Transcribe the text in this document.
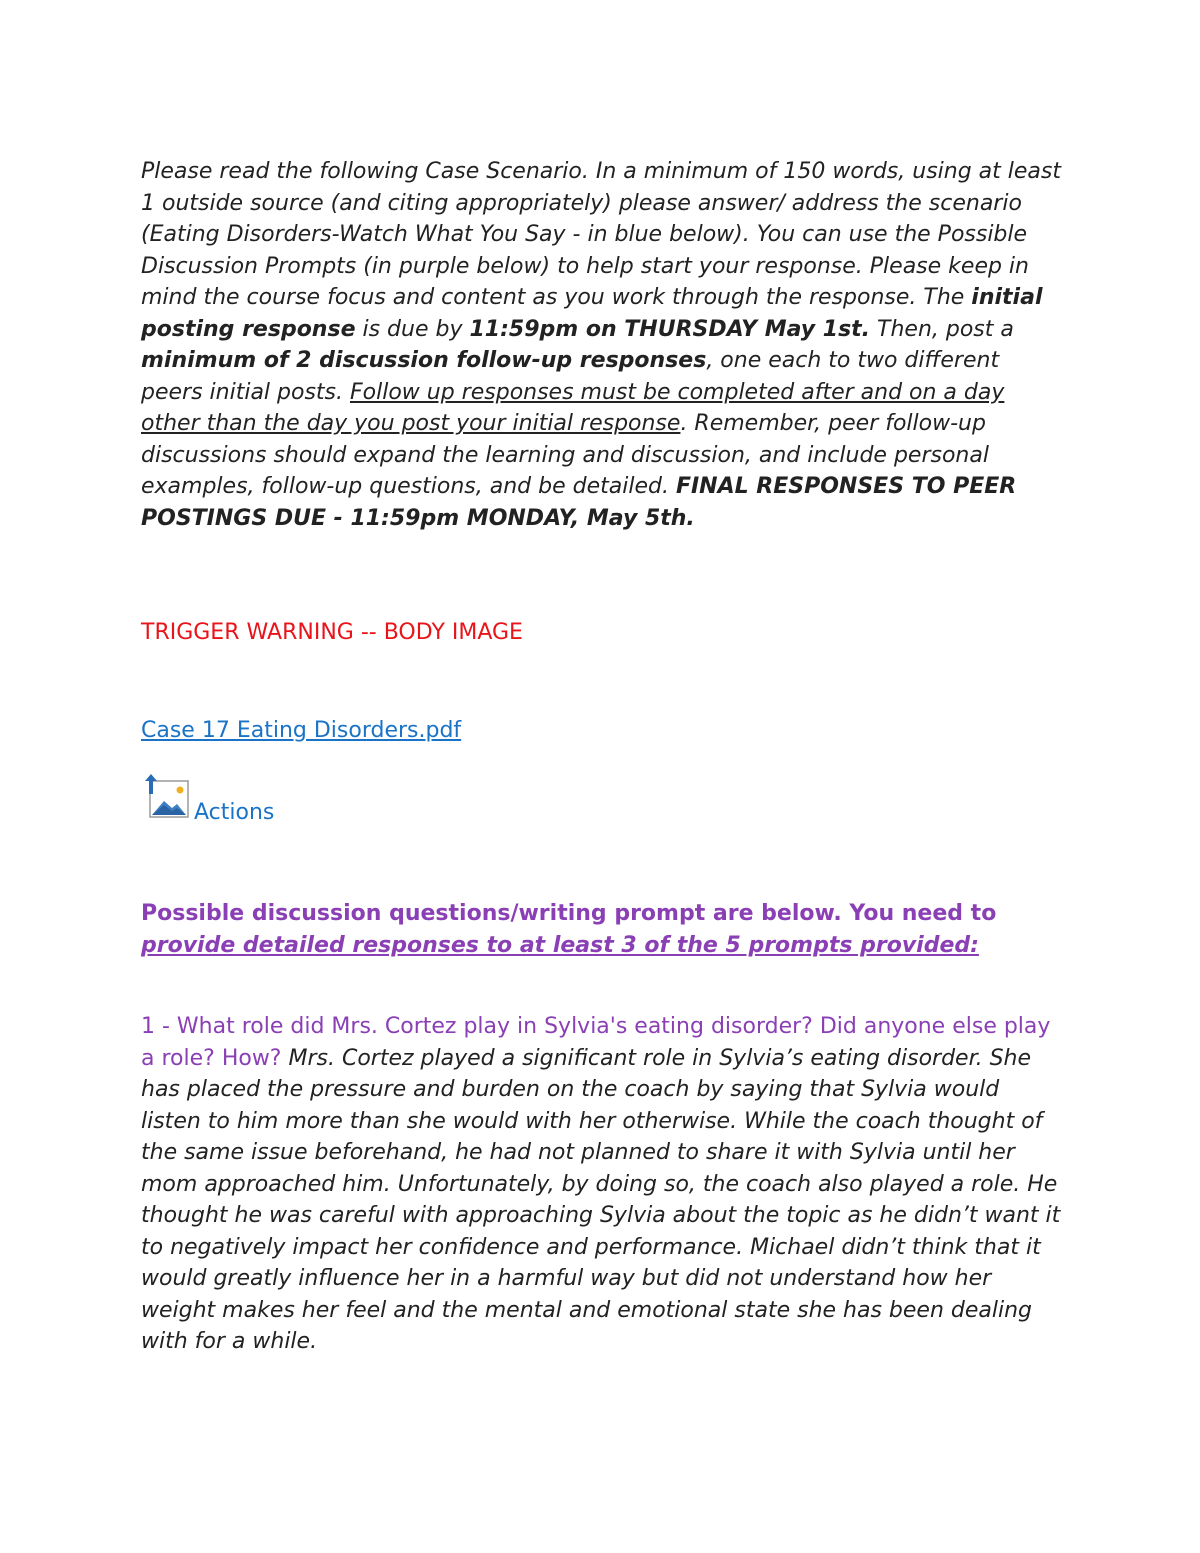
Please read the following Case Scenario. In a minimum of 150 words, using at least 1 outside source (and citing appropriately) please answer/ address the scenario (Eating Disorders-Watch What You Say - in blue below). You can use the Possible Discussion Prompts (in purple below) to help start your response. Please keep in mind the course focus and content as you work through the response. The initial posting response is due by 11:59pm on THURSDAY May 1st. Then, post a minimum of 2 discussion follow-up responses, one each to two different peers initial posts. Follow up responses must be completed after and on a day other than the day you post your initial response. Remember, peer follow-up discussions should expand the learning and discussion, and include personal examples, follow-up questions, and be detailed. FINAL RESPONSES TO PEER POSTINGS DUE - 11:59pm MONDAY, May 5th.

TRIGGER WARNING -- BODY IMAGE

Case 17 Eating Disorders.pdf
Actions

Possible discussion questions/writing prompt are below. You need to provide detailed responses to at least 3 of the 5 prompts provided:

1 - What role did Mrs. Cortez play in Sylvia's eating disorder? Did anyone else play a role? How? Mrs. Cortez played a significant role in Sylvia’s eating disorder. She has placed the pressure and burden on the coach by saying that Sylvia would listen to him more than she would with her otherwise. While the coach thought of the same issue beforehand, he had not planned to share it with Sylvia until her mom approached him. Unfortunately, by doing so, the coach also played a role. He thought he was careful with approaching Sylvia about the topic as he didn’t want it to negatively impact her confidence and performance. Michael didn’t think that it would greatly influence her in a harmful way but did not understand how her weight makes her feel and the mental and emotional state she has been dealing with for a while.
